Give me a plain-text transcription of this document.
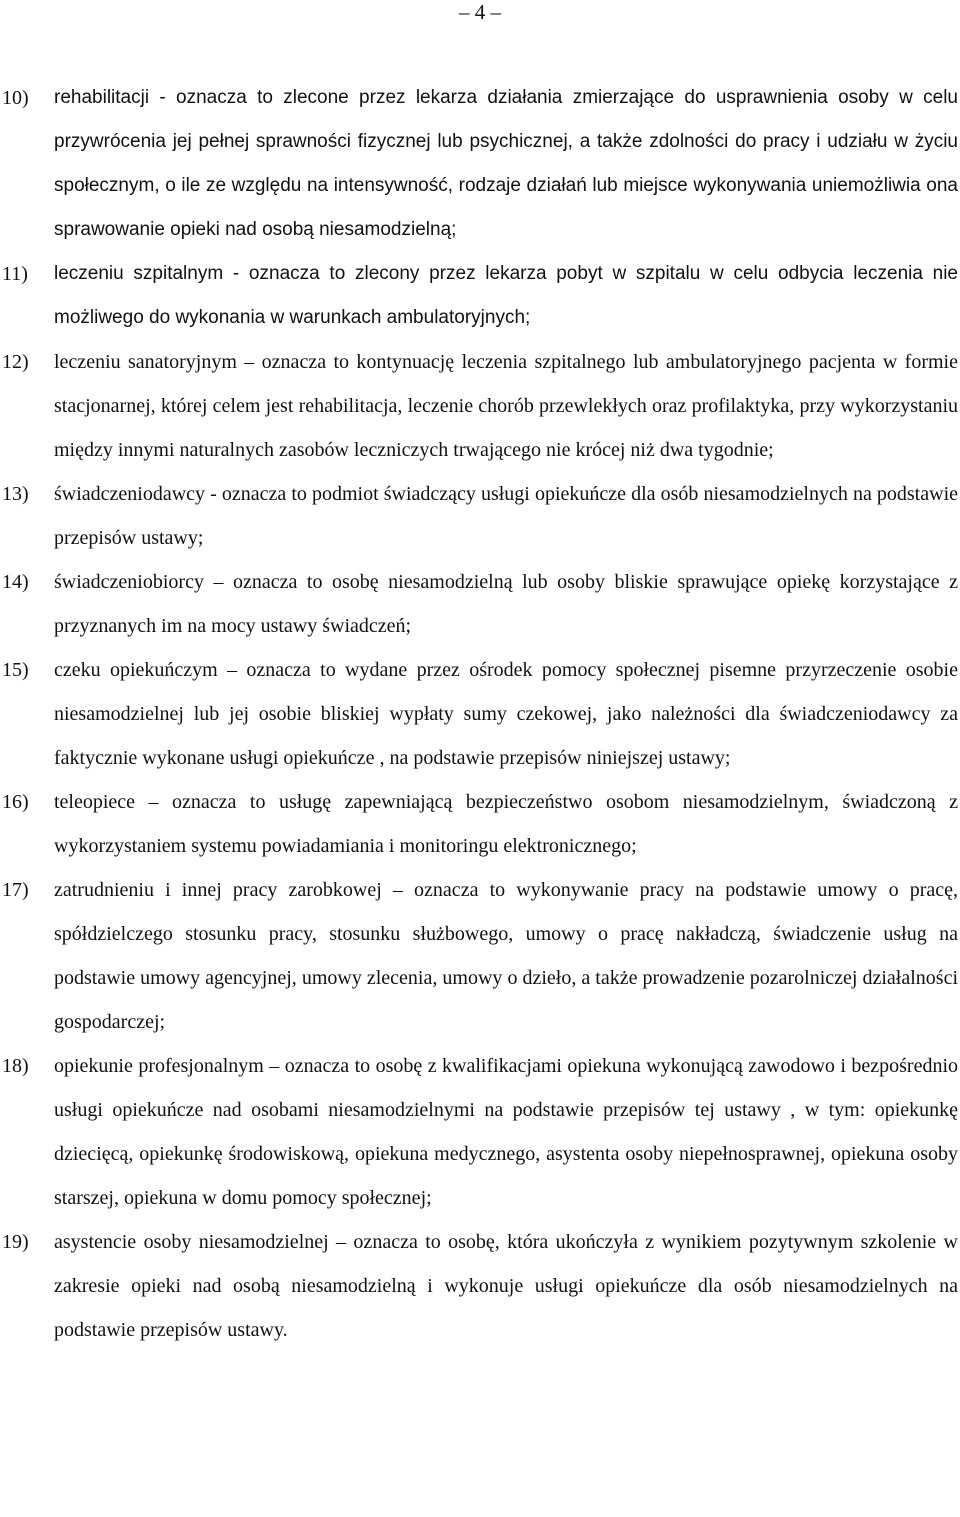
– 4 –
10) rehabilitacji - oznacza to zlecone przez lekarza działania zmierzające do usprawnienia osoby w celu przywrócenia jej pełnej sprawności fizycznej lub psychicznej, a także zdolności do pracy i udziału w życiu społecznym, o ile ze względu na intensywność, rodzaje działań lub miejsce wykonywania uniemożliwia ona sprawowanie opieki nad osobą niesamodzielną;
11) leczeniu szpitalnym - oznacza to zlecony przez lekarza pobyt w szpitalu w celu odbycia leczenia nie możliwego do wykonania w warunkach ambulatoryjnych;
12) leczeniu sanatoryjnym – oznacza to kontynuację leczenia szpitalnego lub ambulatoryjnego pacjenta w formie stacjonarnej, której celem jest rehabilitacja, leczenie chorób przewlekłych oraz profilaktyka, przy wykorzystaniu między innymi naturalnych zasobów leczniczych trwającego nie krócej niż dwa tygodnie;
13) świadczeniodawcy - oznacza to podmiot świadczący usługi opiekuńcze dla osób niesamodzielnych na podstawie przepisów ustawy;
14) świadczeniobiorcy – oznacza to osobę niesamodzielną lub osoby bliskie sprawujące opiekę korzystające z przyznanych im na mocy ustawy świadczeń;
15) czeku opiekuńczym – oznacza to wydane przez ośrodek pomocy społecznej pisemne przyrzeczenie osobie niesamodzielnej lub jej osobie bliskiej wypłaty sumy czekowej, jako należności dla świadczeniodawcy za faktycznie wykonane usługi opiekuńcze , na podstawie przepisów niniejszej ustawy;
16) teleopiece – oznacza to usługę zapewniającą bezpieczeństwo osobom niesamodzielnym, świadczoną z wykorzystaniem systemu powiadamiania i monitoringu elektronicznego;
17) zatrudnieniu i innej pracy zarobkowej – oznacza to wykonywanie pracy na podstawie umowy o pracę, spółdzielczego stosunku pracy, stosunku służbowego, umowy o pracę nakładczą, świadczenie usług na podstawie umowy agencyjnej, umowy zlecenia, umowy o dzieło, a także prowadzenie pozarolniczej działalności gospodarczej;
18) opiekunie profesjonalnym – oznacza to osobę z kwalifikacjami opiekuna wykonującą zawodowo i bezpośrednio usługi opiekuńcze nad osobami niesamodzielnymi na podstawie przepisów tej ustawy , w tym: opiekunkę dziecięcą, opiekunkę środowiskową, opiekuna medycznego, asystenta osoby niepełnosprawnej, opiekuna osoby starszej, opiekuna w domu pomocy społecznej;
19) asystencie osoby niesamodzielnej – oznacza to osobę, która ukończyła z wynikiem pozytywnym szkolenie w zakresie opieki nad osobą niesamodzielną i wykonuje usługi opiekuńcze dla osób niesamodzielnych na podstawie przepisów ustawy.
